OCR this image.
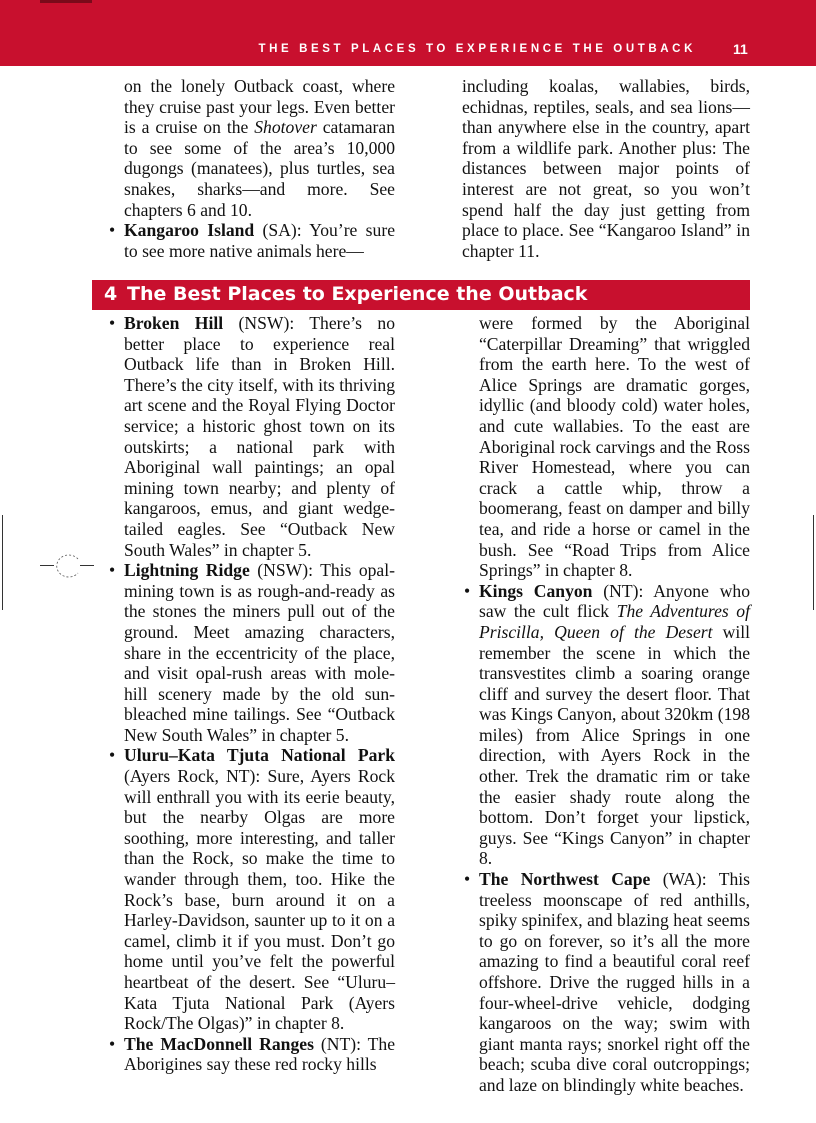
THE BEST PLACES TO EXPERIENCE THE OUTBACK	11

on the lonely Outback coast, where they cruise past your legs. Even better is a cruise on the Shotover catamaran to see some of the area’s 10,000 dugongs (manatees), plus turtles, sea snakes, sharks—and more. See chapters 6 and 10.

• Kangaroo Island (SA): You’re sure to see more native animals here—

including koalas, wallabies, birds, echidnas, reptiles, seals, and sea lions—than anywhere else in the country, apart from a wildlife park. Another plus: The distances between major points of interest are not great, so you won’t spend half the day just getting from place to place. See “Kangaroo Island” in chapter 11.

4 The Best Places to Experience the Outback
• Broken Hill (NSW): There’s no better place to experience real Outback life than in Broken Hill. There’s the city itself, with its thriving art scene and the Royal Flying Doctor service; a historic ghost town on its outskirts; a national park with Aboriginal wall paintings; an opal mining town nearby; and plenty of kangaroos, emus, and giant wedge-tailed eagles. See “Outback New South Wales” in chapter 5.
• Lightning Ridge (NSW): This opal-mining town is as rough-and-ready as the stones the miners pull out of the ground. Meet amazing characters, share in the eccentricity of the place, and visit opal-rush areas with mole-hill scenery made by the old sun-bleached mine tailings. See “Outback New South Wales” in chapter 5.
• Uluru–Kata Tjuta National Park (Ayers Rock, NT): Sure, Ayers Rock will enthrall you with its eerie beauty, but the nearby Olgas are more soothing, more interesting, and taller than the Rock, so make the time to wander through them, too. Hike the Rock’s base, burn around it on a Harley-Davidson, saunter up to it on a camel, climb it if you must. Don’t go home until you’ve felt the powerful heartbeat of the desert. See “Uluru–Kata Tjuta National Park (Ayers Rock/The Olgas)” in chapter 8.
• The MacDonnell Ranges (NT): The Aborigines say these red rocky hills

were formed by the Aboriginal “Caterpillar Dreaming” that wriggled from the earth here. To the west of Alice Springs are dramatic gorges, idyllic (and bloody cold) water holes, and cute wallabies. To the east are Aboriginal rock carvings and the Ross River Homestead, where you can crack a cattle whip, throw a boomerang, feast on damper and billy tea, and ride a horse or camel in the bush. See “Road Trips from Alice Springs” in chapter 8.

• Kings Canyon (NT): Anyone who saw the cult flick The Adventures of Priscilla, Queen of the Desert will remember the scene in which the transvestites climb a soaring orange cliff and survey the desert floor. That was Kings Canyon, about 320km (198 miles) from Alice Springs in one direction, with Ayers Rock in the other. Trek the dramatic rim or take the easier shady route along the bottom. Don’t forget your lipstick, guys. See “Kings Canyon” in chapter 8.
• The Northwest Cape (WA): This treeless moonscape of red anthills, spiky spinifex, and blazing heat seems to go on forever, so it’s all the more amazing to find a beautiful coral reef offshore. Drive the rugged hills in a four-wheel-drive vehicle, dodging kangaroos on the way; swim with giant manta rays; snorkel right off the beach; scuba dive coral outcroppings; and laze on blindingly white beaches.
